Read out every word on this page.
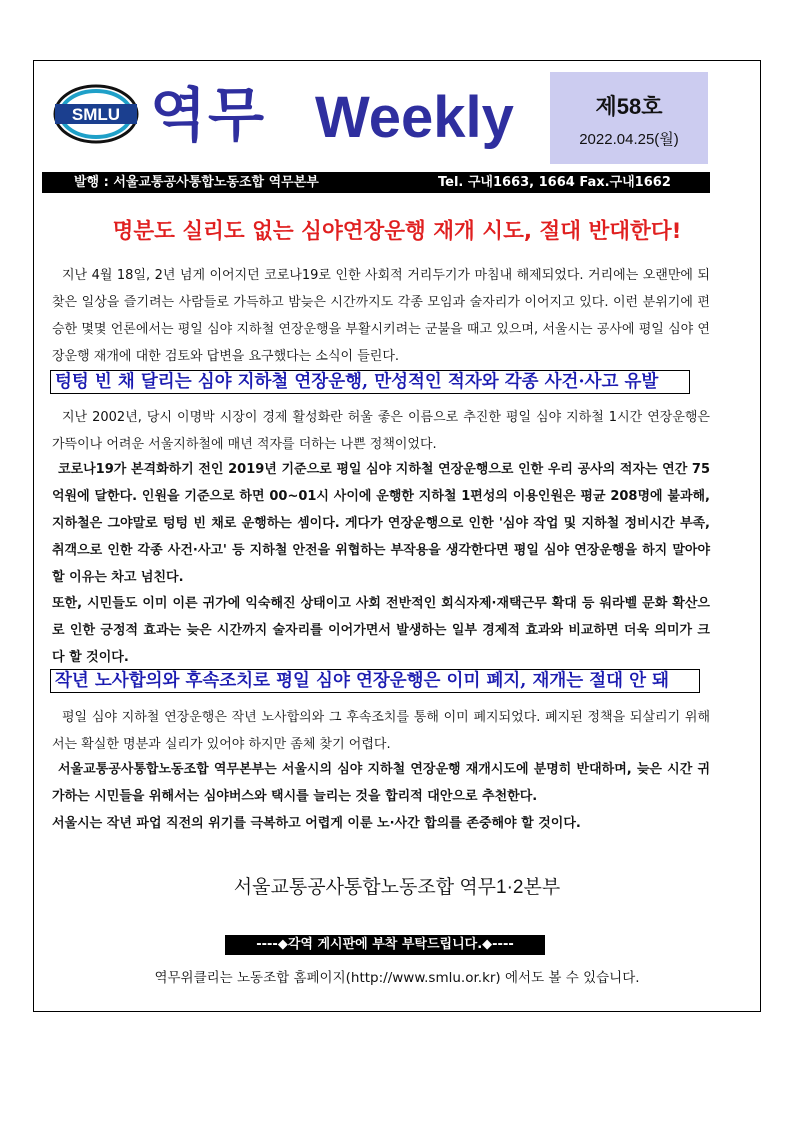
SMLU 역무 Weekly	제58호
2022.04.25(월)
발행 : 서울교통공사통합노동조합 역무본부	Tel. 구내1663, 1664 Fax.구내1662
명분도 실리도 없는 심야연장운행 재개 시도, 절대 반대한다!

지난 4월 18일, 2년 넘게 이어지던 코로나19로 인한 사회적 거리두기가 마침내 해제되었다. 거리에는 오랜만에 되찾은 일상을 즐기려는 사람들로 가득하고 밤늦은 시간까지도 각종 모임과 술자리가 이어지고 있다. 이런 분위기에 편승한 몇몇 언론에서는 평일 심야 지하철 연장운행을 부활시키려는 군불을 때고 있으며, 서울시는 공사에 평일 심야 연장운행 재개에 대한 검토와 답변을 요구했다는 소식이 들린다.

텅텅 빈 채 달리는 심야 지하철 연장운행, 만성적인 적자와 각종 사건·사고 유발

지난 2002년, 당시 이명박 시장이 경제 활성화란 허울 좋은 이름으로 추진한 평일 심야 지하철 1시간 연장운행은 가뜩이나 어려운 서울지하철에 매년 적자를 더하는 나쁜 정책이었다.

코로나19가 본격화하기 전인 2019년 기준으로 평일 심야 지하철 연장운행으로 인한 우리 공사의 적자는 연간 75억원에 달한다. 인원을 기준으로 하면 00~01시 사이에 운행한 지하철 1편성의 이용인원은 평균 208명에 불과해, 지하철은 그야말로 텅텅 빈 채로 운행하는 셈이다. 게다가 연장운행으로 인한 '심야 작업 및 지하철 정비시간 부족, 취객으로 인한 각종 사건·사고' 등 지하철 안전을 위협하는 부작용을 생각한다면 평일 심야 연장운행을 하지 말아야 할 이유는 차고 넘친다.

또한, 시민들도 이미 이른 귀가에 익숙해진 상태이고 사회 전반적인 회식자제·재택근무 확대 등 워라벨 문화 확산으로 인한 긍정적 효과는 늦은 시간까지 술자리를 이어가면서 발생하는 일부 경제적 효과와 비교하면 더욱 의미가 크다 할 것이다.

작년 노사합의와 후속조치로 평일 심야 연장운행은 이미 폐지, 재개는 절대 안 돼

평일 심야 지하철 연장운행은 작년 노사합의와 그 후속조치를 통해 이미 폐지되었다. 폐지된 정책을 되살리기 위해서는 확실한 명분과 실리가 있어야 하지만 좀체 찾기 어렵다.

서울교통공사통합노동조합 역무본부는 서울시의 심야 지하철 연장운행 재개시도에 분명히 반대하며, 늦은 시간 귀가하는 시민들을 위해서는 심야버스와 택시를 늘리는 것을 합리적 대안으로 추천한다.

서울시는 작년 파업 직전의 위기를 극복하고 어렵게 이룬 노·사간 합의를 존중해야 할 것이다.

서울교통공사통합노동조합 역무1·2본부
----◆각역 게시판에 부착 부탁드립니다.◆----
역무위클리는 노동조합 홈페이지(http://www.smlu.or.kr) 에서도 볼 수 있습니다.
